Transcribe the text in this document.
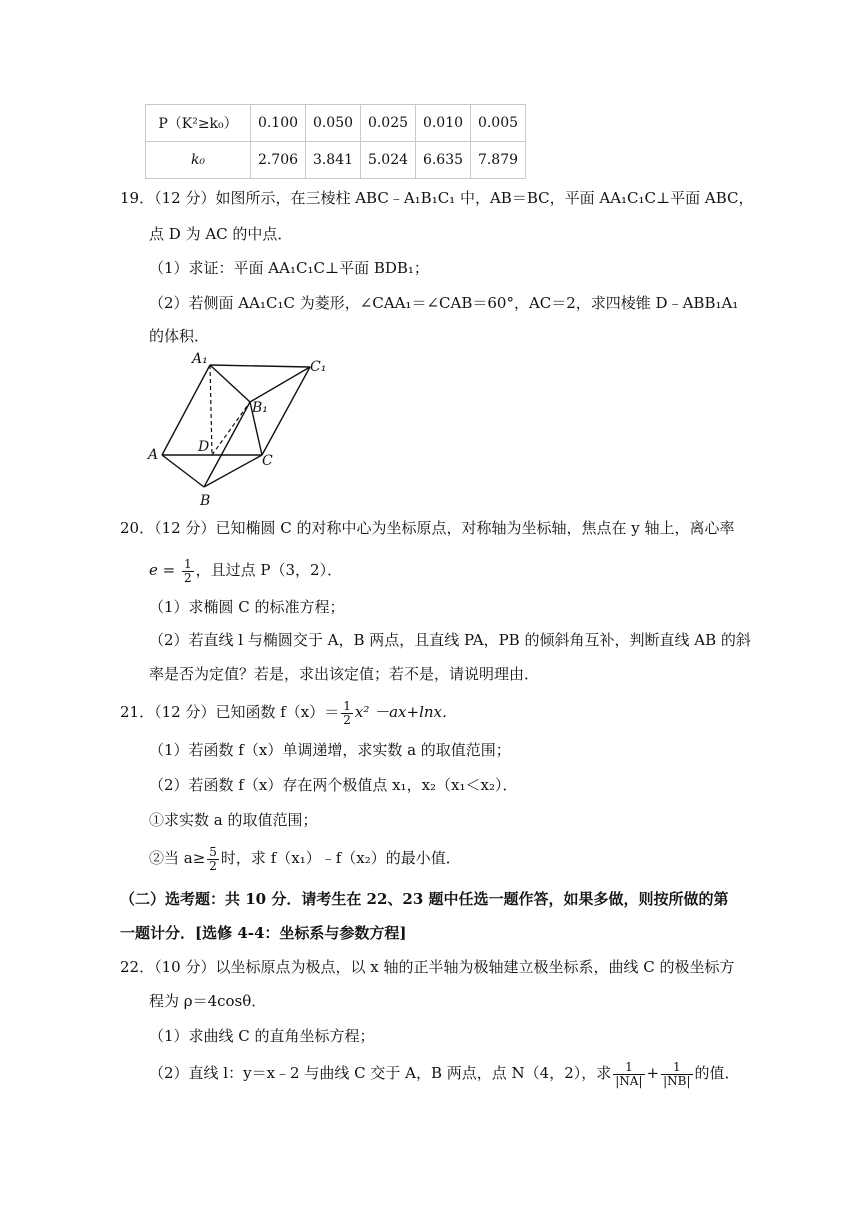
P（K²≥k₀）	0.100	0.050	0.025	0.010	0.005
k₀	2.706	3.841	5.024	6.635	7.879
19．（12 分）如图所示，在三棱柱 ABC﹣A₁B₁C₁ 中，AB＝BC，平面 AA₁C₁C⊥平面 ABC，
点 D 为 AC 的中点．
（1）求证：平面 AA₁C₁C⊥平面 BDB₁；
（2）若侧面 AA₁C₁C 为菱形，∠CAA₁＝∠CAB＝60°，AC＝2，求四棱锥 D﹣ABB₁A₁
的体积．
A₁	C₁
B₁
D
A	C
B
20．（12 分）已知椭圆 C 的对称中心为坐标原点，对称轴为坐标轴，焦点在 y 轴上，离心率
$e = \frac{1}{2}$ ，且过点 P（3，2）．
（1）求椭圆 C 的标准方程；
（2）若直线 l 与椭圆交于 A，B 两点，且直线 PA，PB 的倾斜角互补，判断直线 AB 的斜
率是否为定值？若是，求出该定值；若不是，请说明理由．
21．（12 分）已知函数 $f(x)= \frac{1}{2} x^2 -ax+\ln x$．
（1）若函数 f（x）单调递增，求实数 a 的取值范围；
（2）若函数 f（x）存在两个极值点 x₁，x₂（x₁＜x₂）．
①求实数 a 的取值范围；
②当 $a\ge \frac{5}{2}$ 时，求 f（x₁）﹣f（x₂）的最小值．
（二）选考题：共 10 分．请考生在 22、23 题中任选一题作答，如果多做，则按所做的第
一题计分．[选修 4-4：坐标系与参数方程]
22．（10 分）以坐标原点为极点，以 x 轴的正半轴为极轴建立极坐标系，曲线 C 的极坐标方
程为 ρ＝4cosθ．
（1）求曲线 C 的直角坐标方程；
（2）直线 l：y＝x﹣2 与曲线 C 交于 A，B 两点，点 N（4，2），求 $\frac{1}{|NA|} + \frac{1}{|NB|}$ 的值．
